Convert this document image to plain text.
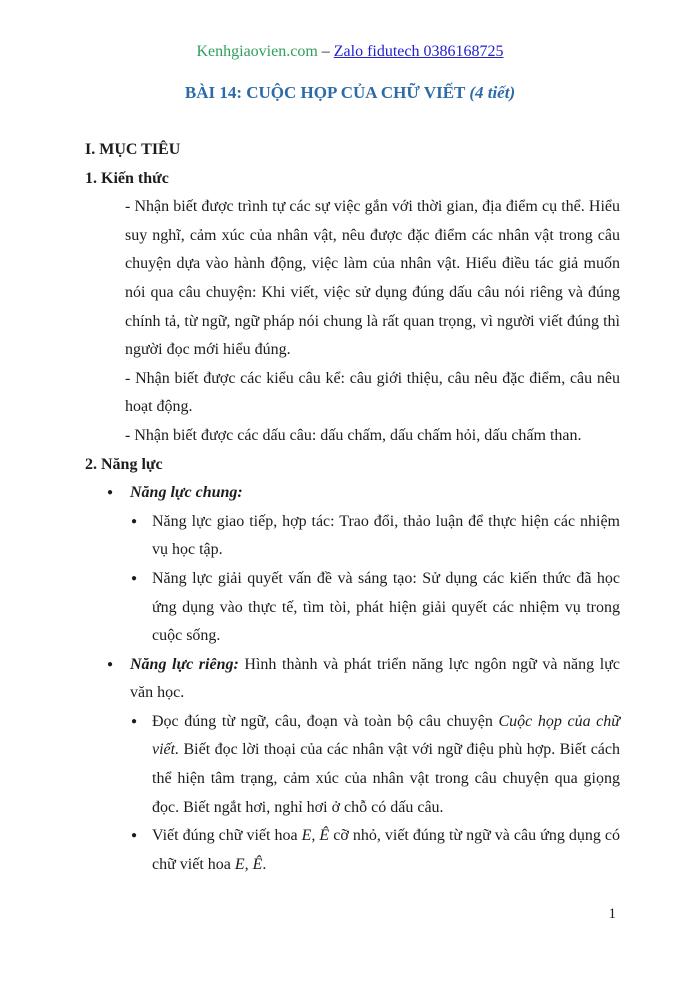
Kenhgiaovien.com – Zalo fidutech 0386168725
BÀI 14: CUỘC HỌP CỦA CHỮ VIẾT (4 tiết)
I. MỤC TIÊU
1. Kiến thức

- Nhận biết được trình tự các sự việc gắn với thời gian, địa điểm cụ thể. Hiểu suy nghĩ, cảm xúc của nhân vật, nêu được đặc điểm các nhân vật trong câu chuyện dựa vào hành động, việc làm của nhân vật. Hiểu điều tác giả muốn nói qua câu chuyện: Khi viết, việc sử dụng đúng dấu câu nói riêng và đúng chính tả, từ ngữ, ngữ pháp nói chung là rất quan trọng, vì người viết đúng thì người đọc mới hiểu đúng.

- Nhận biết được các kiểu câu kể: câu giới thiệu, câu nêu đặc điểm, câu nêu hoạt động.

- Nhận biết được các dấu câu: dấu chấm, dấu chấm hỏi, dấu chấm than.

2. Năng lực
● Năng lực chung:
● Năng lực giao tiếp, hợp tác: Trao đổi, thảo luận để thực hiện các nhiệm vụ học tập.
● Năng lực giải quyết vấn đề và sáng tạo: Sử dụng các kiến thức đã học ứng dụng vào thực tế, tìm tòi, phát hiện giải quyết các nhiệm vụ trong cuộc sống.
● Năng lực riêng: Hình thành và phát triển năng lực ngôn ngữ và năng lực văn học.
● Đọc đúng từ ngữ, câu, đoạn và toàn bộ câu chuyện Cuộc họp của chữ viết. Biết đọc lời thoại của các nhân vật với ngữ điệu phù hợp. Biết cách thể hiện tâm trạng, cảm xúc của nhân vật trong câu chuyện qua giọng đọc. Biết ngắt hơi, nghỉ hơi ở chỗ có dấu câu.
● Viết đúng chữ viết hoa E, Ê cỡ nhỏ, viết đúng từ ngữ và câu ứng dụng có chữ viết hoa E, Ê.
1
